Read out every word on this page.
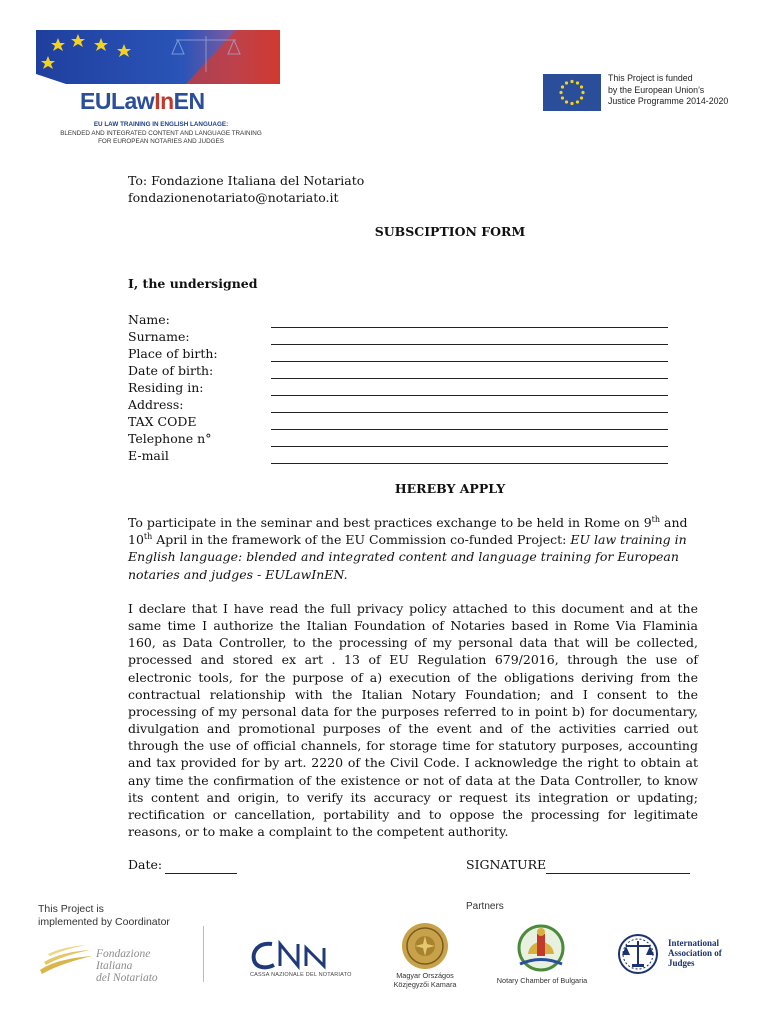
EULawInEN
EU LAW TRAINING IN ENGLISH LANGUAGE:
BLENDED AND INTEGRATED CONTENT AND LANGUAGE TRAINING
FOR EUROPEAN NOTARIES AND JUDGES
This Project is funded
by the European Union’s
Justice Programme 2014-2020
To: Fondazione Italiana del Notariato
fondazionenotariato@notariato.it
SUBSCIPTION FORM
I, the undersigned
Name:
Surname:
Place of birth:
Date of birth:
Residing in:
Address:
TAX CODE
Telephone n°
E-mail
HEREBY APPLY
To participate in the seminar and best practices exchange to be held in Rome on 9th and 10th April in the framework of the EU Commission co-funded Project: EU law training in English language: blended and integrated content and language training for European notaries and judges - EULawInEN.
I declare that I have read the full privacy policy attached to this document and at the same time I authorize the Italian Foundation of Notaries based in Rome Via Flaminia 160, as Data Controller, to the processing of my personal data that will be collected, processed and stored ex art . 13 of EU Regulation 679/2016, through the use of electronic tools, for the purpose of a) execution of the obligations deriving from the contractual relationship with the Italian Notary Foundation; and I consent to the processing of my personal data for the purposes referred to in point b) for documentary, divulgation and promotional purposes of the event and of the activities carried out through the use of official channels, for storage time for statutory purposes, accounting and tax provided for by art. 2220 of the Civil Code. I acknowledge the right to obtain at any time the confirmation of the existence or not of data at the Data Controller, to know its content and origin, to verify its accuracy or request its integration or updating; rectification or cancellation, portability and to oppose the processing for legitimate reasons, or to make a complaint to the competent authority.
Date:	SIGNATURE
This Project is
implemented by Coordinator
Partners
Fondazione
Italiana
del Notariato	CASSA NAZIONALE DEL NOTARIATO	Magyar Országos
Közjegyzői Kamara	Notary Chamber of Bulgaria
International
Association of
Judges
